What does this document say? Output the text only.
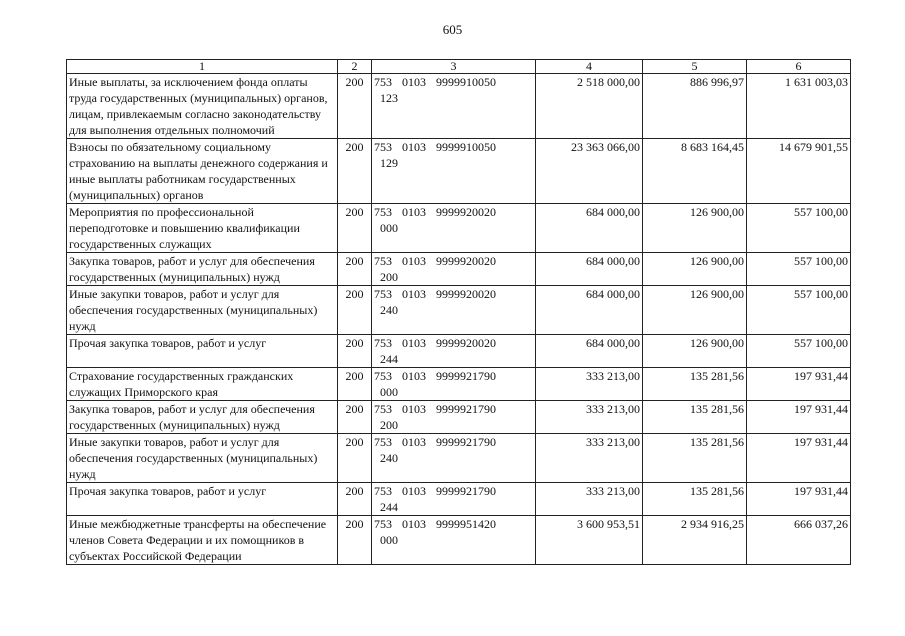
605
1	2	3	4	5	6
Иные выплаты, за исключением фонда оплаты труда государственных (муниципальных) органов, лицам, привлекаемым согласно законодательству для выполнения отдельных полномочий	200	753 0103 9999910050123	2 518 000,00	886 996,97	1 631 003,03
Взносы по обязательному социальному страхованию на выплаты денежного содержания и иные выплаты работникам государственных (муниципальных) органов	200	753 0103 9999910050129	23 363 066,00	8 683 164,45	14 679 901,55
Мероприятия по профессиональной переподготовке и повышению квалификации государственных служащих	200	753 0103 9999920020000	684 000,00	126 900,00	557 100,00
Закупка товаров, работ и услуг для обеспечения государственных (муниципальных) нужд	200	753 0103 9999920020200	684 000,00	126 900,00	557 100,00
Иные закупки товаров, работ и услуг для обеспечения государственных (муниципальных) нужд	200	753 0103 9999920020240	684 000,00	126 900,00	557 100,00
Прочая закупка товаров, работ и услуг	200	753 0103 9999920020244	684 000,00	126 900,00	557 100,00
Страхование государственных гражданских служащих Приморского края	200	753 0103 9999921790000	333 213,00	135 281,56	197 931,44
Закупка товаров, работ и услуг для обеспечения государственных (муниципальных) нужд	200	753 0103 9999921790200	333 213,00	135 281,56	197 931,44
Иные закупки товаров, работ и услуг для обеспечения государственных (муниципальных) нужд	200	753 0103 9999921790240	333 213,00	135 281,56	197 931,44
Прочая закупка товаров, работ и услуг	200	753 0103 9999921790244	333 213,00	135 281,56	197 931,44
Иные межбюджетные трансферты на обеспечение членов Совета Федерации и их помощников в субъектах Российской Федерации	200	753 0103 9999951420000	3 600 953,51	2 934 916,25	666 037,26
